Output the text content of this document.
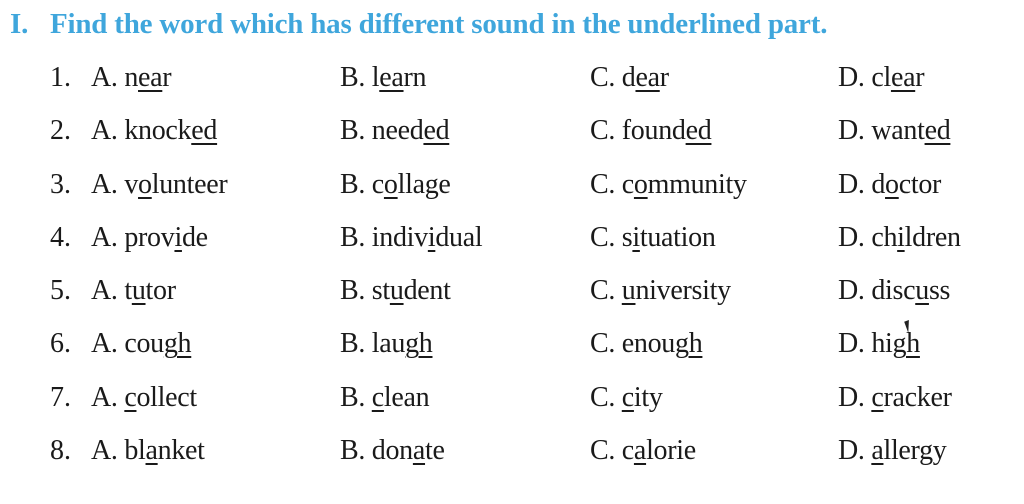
I. Find the word which has different sound in the underlined part.
1. A. near	B. learn	C. dear	D. clear
2. A. knocked	B. needed	C. founded	D. wanted
3. A. volunteer	B. collage	C. community	D. doctor
4. A. provide	B. individual	C. situation	D. children
5. A. tutor	B. student	C. university	D. discuss
6. A. cough	B. laugh	C. enough	D. high
7. A. collect	B. clean	C. city	D. cracker
8. A. blanket	B. donate	C. calorie	D. allergy
